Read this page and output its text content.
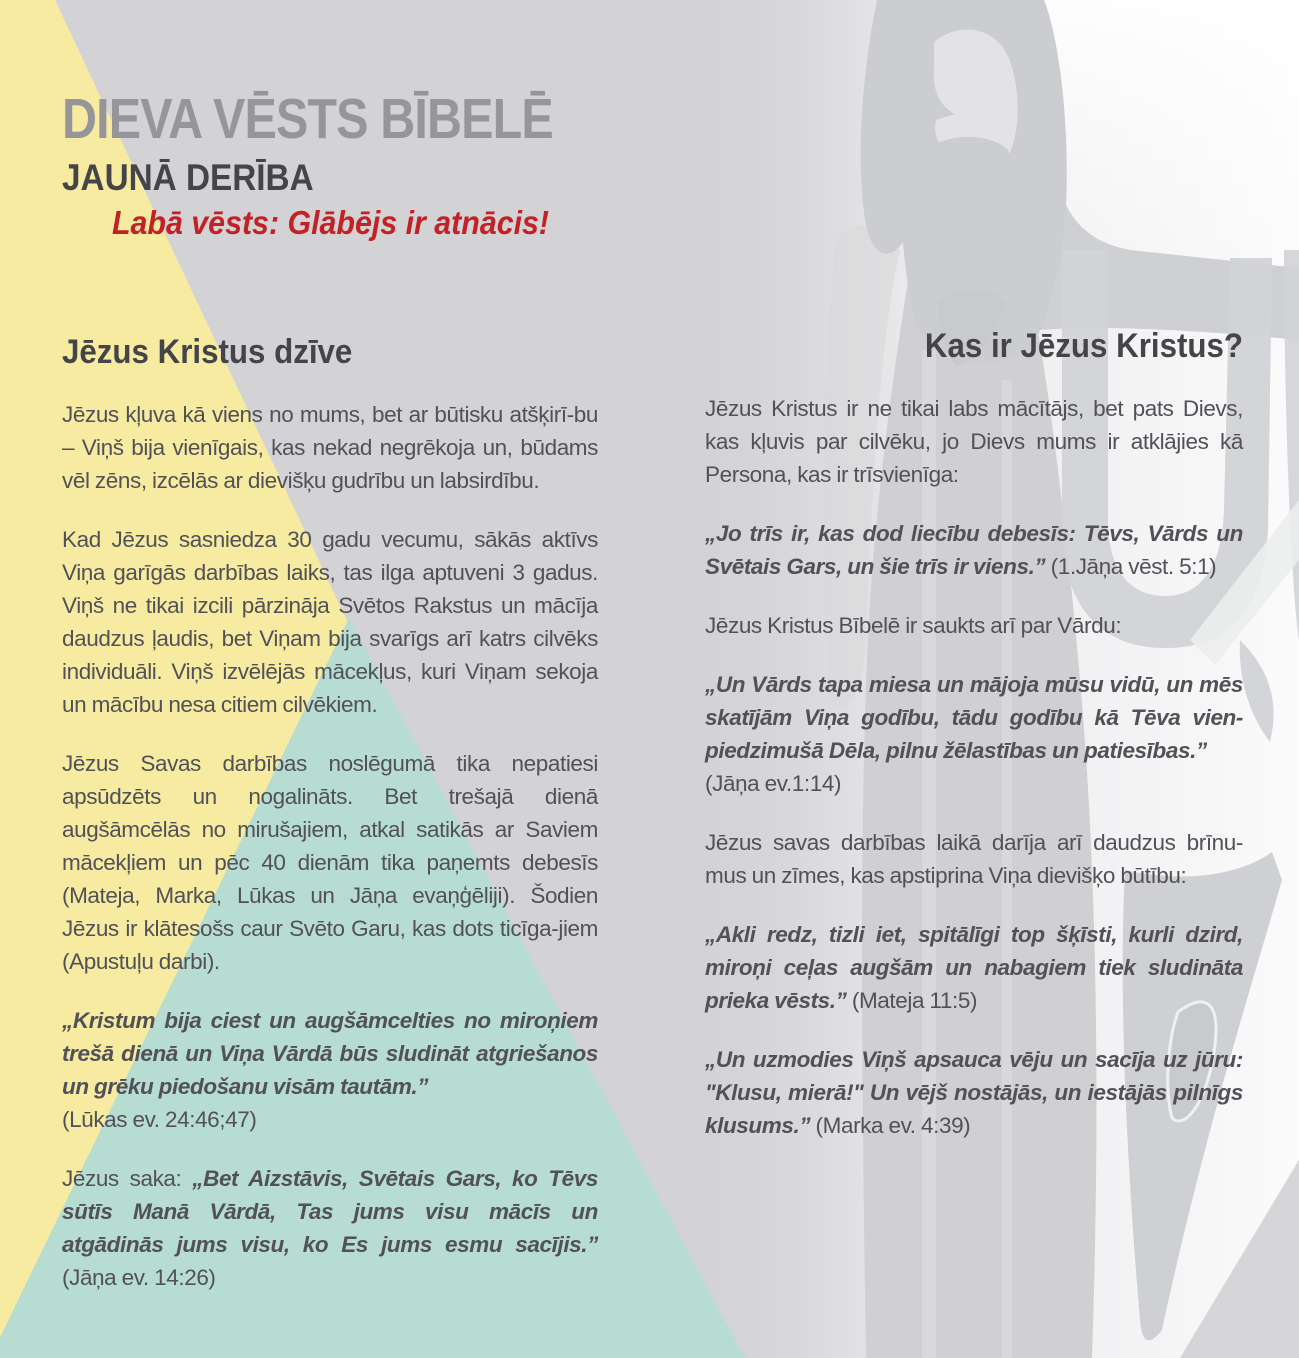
DIEVA VĒSTS BĪBELĒ
JAUNĀ DERĪBA
Labā vēsts: Glābējs ir atnācis!
Jēzus Kristus dzīve

Jēzus kļuva kā viens no mums, bet ar būtisku atšķirī-bu – Viņš bija vienīgais, kas nekad negrēkoja un, būdams vēl zēns, izcēlās ar dievišķu gudrību un labsirdību.

Kad Jēzus sasniedza 30 gadu vecumu, sākās aktīvs Viņa garīgās darbības laiks, tas ilga aptuveni 3 gadus. Viņš ne tikai izcili pārzināja Svētos Rakstus un mācīja daudzus ļaudis, bet Viņam bija svarīgs arī katrs cilvēks individuāli. Viņš izvēlējās mācekļus, kuri Viņam sekoja un mācību nesa citiem cilvēkiem.

Jēzus Savas darbības noslēgumā tika nepatiesi apsūdzēts un nogalināts. Bet trešajā dienā augšāmcēlās no mirušajiem, atkal satikās ar Saviem mācekļiem un pēc 40 dienām tika paņemts debesīs (Mateja, Marka, Lūkas un Jāņa evaņģēliji). Šodien Jēzus ir klātesošs caur Svēto Garu, kas dots ticīga-jiem (Apustuļu darbi).

„Kristum bija ciest un augšāmcelties no miroņiem trešā dienā un Viņa Vārdā būs sludināt atgriešanos un grēku piedošanu visām tautām.”
(Lūkas ev. 24:46;47)

Jēzus saka: „Bet Aizstāvis, Svētais Gars, ko Tēvs sūtīs Manā Vārdā, Tas jums visu mācīs un atgādinās jums visu, ko Es jums esmu sacījis.” (Jāņa ev. 14:26)

Kas ir Jēzus Kristus?

Jēzus Kristus ir ne tikai labs mācītājs, bet pats Dievs, kas kļuvis par cilvēku, jo Dievs mums ir atklājies kā Persona, kas ir trīsvienīga:

„Jo trīs ir, kas dod liecību debesīs: Tēvs, Vārds un Svētais Gars, un šie trīs ir viens.” (1.Jāņa vēst. 5:1)

Jēzus Kristus Bībelē ir saukts arī par Vārdu:

„Un Vārds tapa miesa un mājoja mūsu vidū, un mēs skatījām Viņa godību, tādu godību kā Tēva vien-piedzimušā Dēla, pilnu žēlastības un patiesības.”
(Jāņa ev.1:14)

Jēzus savas darbības laikā darīja arī daudzus brīnu-mus un zīmes, kas apstiprina Viņa dievišķo būtību:

„Akli redz, tizli iet, spitālīgi top šķīsti, kurli dzird, miroņi ceļas augšām un nabagiem tiek sludināta prieka vēsts.” (Mateja 11:5)

„Un uzmodies Viņš apsauca vēju un sacīja uz jūru: "Klusu, mierā!" Un vējš nostājās, un iestājās pilnīgs klusums.” (Marka ev. 4:39)
